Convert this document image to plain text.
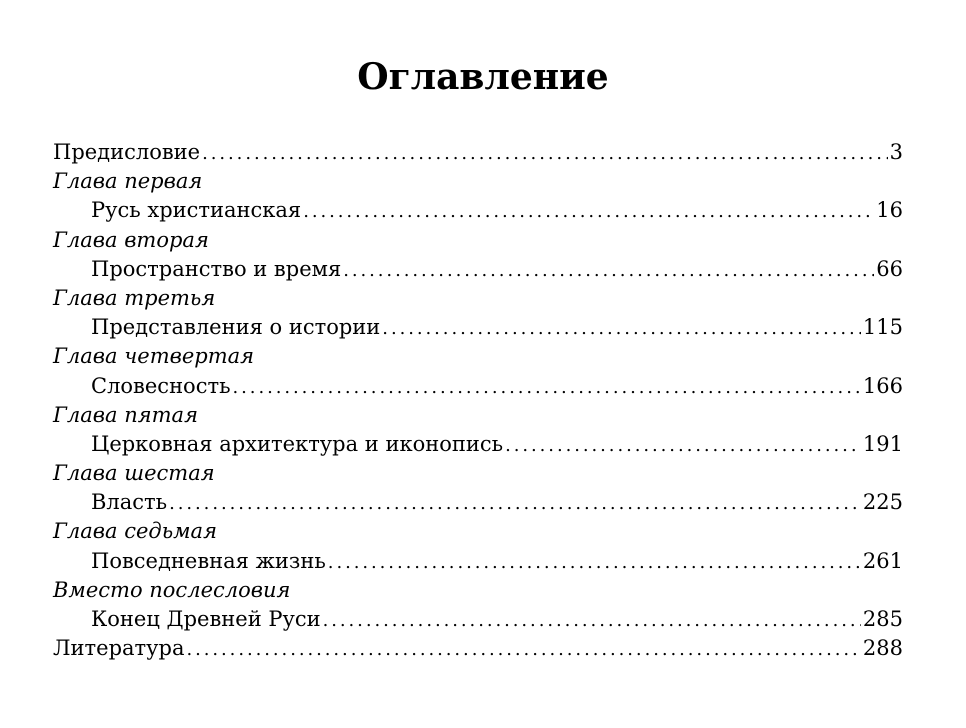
Оглавление
Предисловие . . .	3
Глава первая
Русь христианская . . .	16
Глава вторая
Пространство и время . . .	66
Глава третья
Представления о истории . . .	115
Глава четвертая
Словесность . . .	166
Глава пятая
Церковная архитектура и иконопись . . .	191
Глава шестая
Власть . . .	225
Глава седьмая
Повседневная жизнь . . .	261
Вместо послесловия
Конец Древней Руси . . .	285
Литература . . .	288
